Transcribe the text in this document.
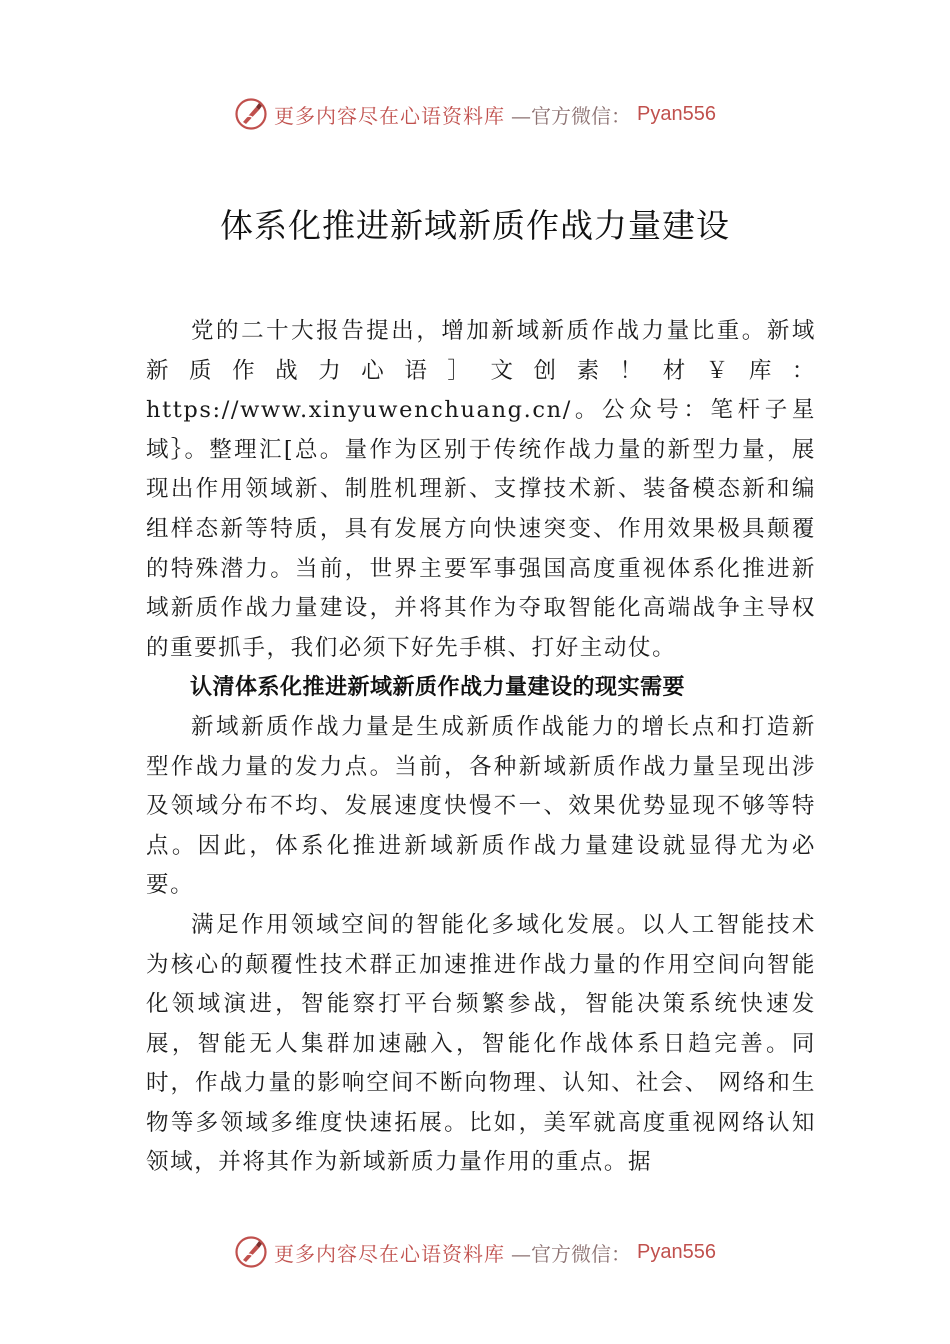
更多内容尽在心语资料库 —官方微信： Pyan556
体系化推进新域新质作战力量建设

党的二十大报告提出，增加新域新质作战力量比重。新域新质作战力心语］文创素！材￥库：https://www.xinyuwenchuang.cn/。公众号：笔杆子星域｝。整理汇[总。量作为区别于传统作战力量的新型力量，展现出作用领域新、制胜机理新、支撑技术新、装备模态新和编组样态新等特质，具有发展方向快速突变、作用效果极具颠覆的特殊潜力。当前，世界主要军事强国高度重视体系化推进新域新质作战力量建设，并将其作为夺取智能化高端战争主导权的重要抓手，我们必须下好先手棋、打好主动仗。

认清体系化推进新域新质作战力量建设的现实需要

新域新质作战力量是生成新质作战能力的增长点和打造新型作战力量的发力点。当前，各种新域新质作战力量呈现出涉及领域分布不均、发展速度快慢不一、效果优势显现不够等特点。因此，体系化推进新域新质作战力量建设就显得尤为必要。

满足作用领域空间的智能化多域化发展。以人工智能技术为核心的颠覆性技术群正加速推进作战力量的作用空间向智能化领域演进，智能察打平台频繁参战，智能决策系统快速发展，智能无人集群加速融入，智能化作战体系日趋完善。同时，作战力量的影响空间不断向物理、认知、社会、 网络和生物等多领域多维度快速拓展。比如，美军就高度重视网络认知领域，并将其作为新域新质力量作用的重点。据

更多内容尽在心语资料库 —官方微信： Pyan556
